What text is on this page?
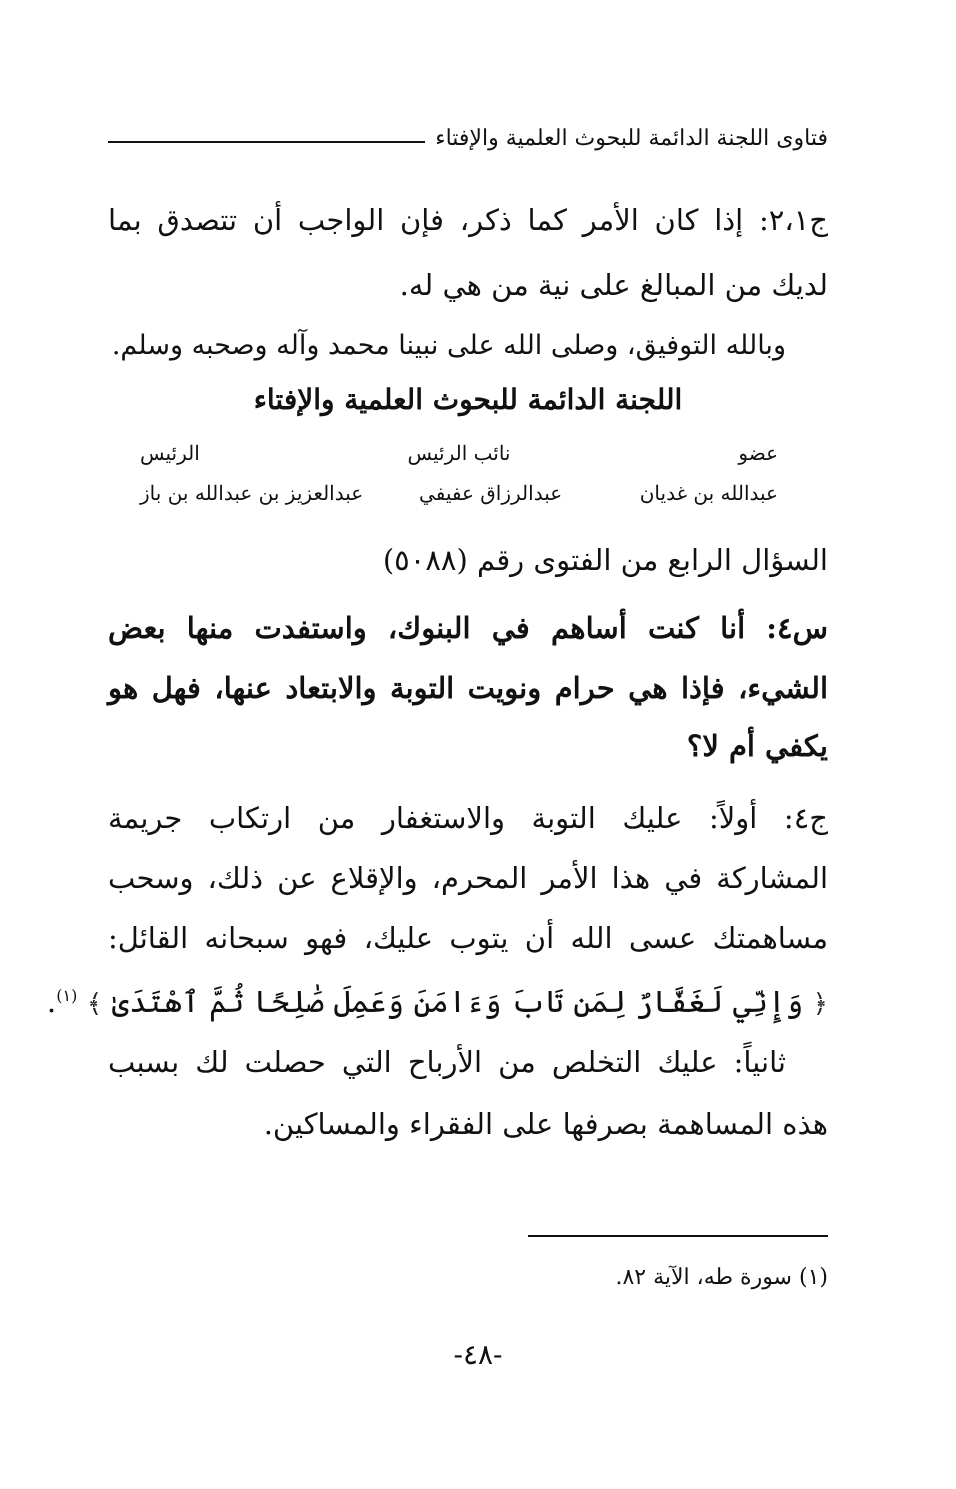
فتاوى اللجنة الدائمة للبحوث العلمية والإفتاء
ج٢،١: إذا كان الأمر كما ذكر، فإن الواجب أن تتصدق بما
لديك من المبالغ على نية من هي له.
وبالله التوفيق، وصلى الله على نبينا محمد وآله وصحبه وسلم.
اللجنة الدائمة للبحوث العلمية والإفتاء
عضو
نائب الرئيس
الرئيس
عبدالله بن غديان
عبدالرزاق عفيفي
عبدالعزيز بن عبدالله بن باز
السؤال الرابع من الفتوى رقم (٥٠٨٨)
س٤: أنا كنت أساهم في البنوك، واستفدت منها بعض
الشيء، فإذا هي حرام ونويت التوبة والابتعاد عنها، فهل هو
يكفي أم لا؟
ج٤: أولاً: عليك التوبة والاستغفار من ارتكاب جريمة
المشاركة في هذا الأمر المحرم، والإقلاع عن ذلك، وسحب
مساهمتك عسى الله أن يتوب عليك، فهو سبحانه القائل:
﴿ وَإِنِّي لَغَفَّارٌ لِمَن تَابَ وَءَامَنَ وَعَمِلَ صَٰلِحًا ثُمَّ ٱهْتَدَىٰ ﴾ $^{(١)}$.
ثانياً: عليك التخلص من الأرباح التي حصلت لك بسبب
هذه المساهمة بصرفها على الفقراء والمساكين.
(١) سورة طه، الآية ٨٢.
-٤٨-
